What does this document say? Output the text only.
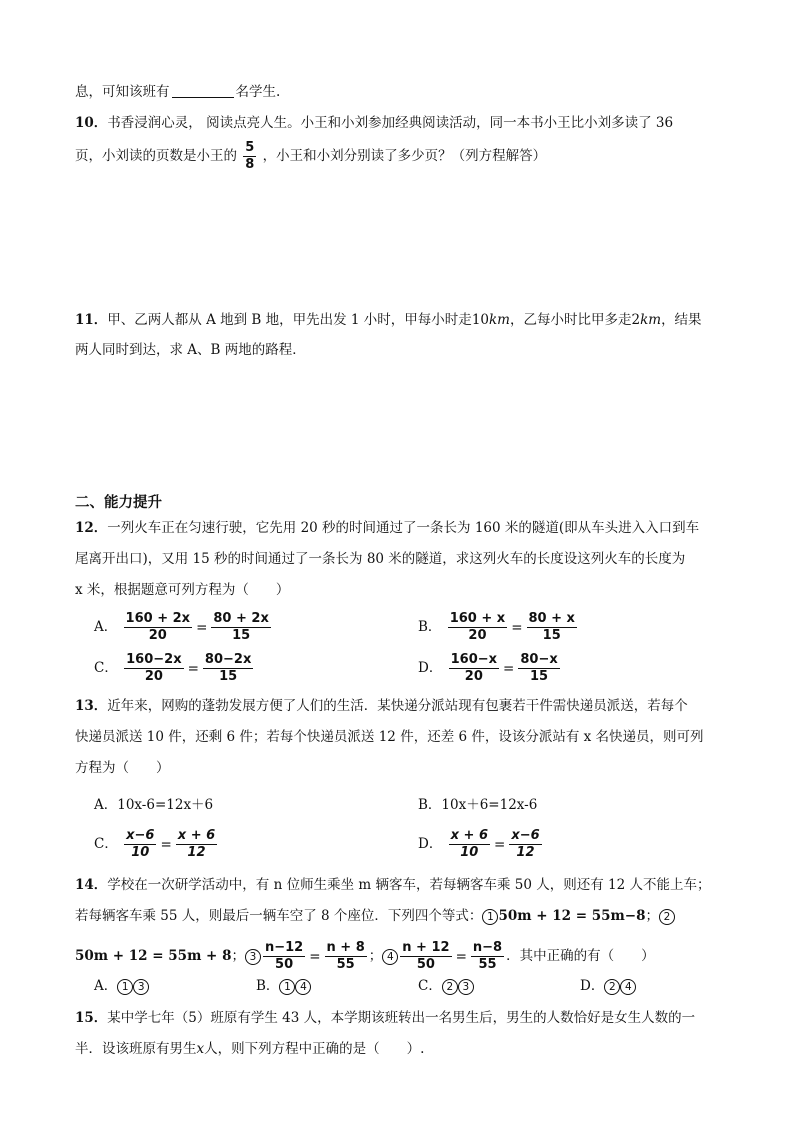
息，可知该班有	名学生.
10．书香浸润心灵， 阅读点亮人生。小王和小刘参加经典阅读活动，同一本书小王比小刘多读了 36
页，小刘读的页数是小王的 $\frac{5}{8}$ ，小王和小刘分别读了多少页？（列方程解答）
11．甲、乙两人都从 A 地到 B 地，甲先出发 1 小时，甲每小时走10km，乙每小时比甲多走2km，结果
两人同时到达，求 A、B 两地的路程．
二、能力提升
12．一列火车正在匀速行驶，它先用 20 秒的时间通过了一条长为 160 米的隧道(即从车头进入入口到车
尾离开出口)，又用 15 秒的时间通过了一条长为 80 米的隧道，求这列火车的长度设这列火车的长度为
x 米，根据题意可列方程为（　　）
A． $\frac{160 + 2x}{20} = \frac{80 + 2x}{15}$	B． $\frac{160 + x}{20} = \frac{80 + x}{15}$
C． $\frac{160-2x}{20} = \frac{80-2x}{15}$	D． $\frac{160-x}{20} = \frac{80-x}{15}$
13．近年来，网购的蓬勃发展方便了人们的生活．某快递分派站现有包裹若干件需快递员派送，若每个
快递员派送 10 件，还剩 6 件；若每个快递员派送 12 件，还差 6 件，设该分派站有 x 名快递员，则可列
方程为（　　）
A．10x-6=12x＋6	B．10x＋6=12x-6
C． $\frac{x-6}{10} = \frac{x + 6}{12}$	D． $\frac{x + 6}{10} = \frac{x-6}{12}$
14．学校在一次研学活动中，有 n 位师生乘坐 m 辆客车，若每辆客车乘 50 人，则还有 12 人不能上车；
若每辆客车乘 55 人，则最后一辆车空了 8 个座位．下列四个等式： 1 50m + 12 = 55m−8； 2
50m + 12 = 55m + 8； $3 \frac{n-12}{50} = \frac{n + 8}{55}$ ； $4 \frac{n + 12}{50} = \frac{n-8}{55}$ ．其中正确的有（　　）
A． 1 3	B． 1 4	C． 2 3	D． 2 4
15．某中学七年（5）班原有学生 43 人，本学期该班转出一名男生后，男生的人数恰好是女生人数的一
半．设该班原有男生x人，则下列方程中正确的是（　　）.
